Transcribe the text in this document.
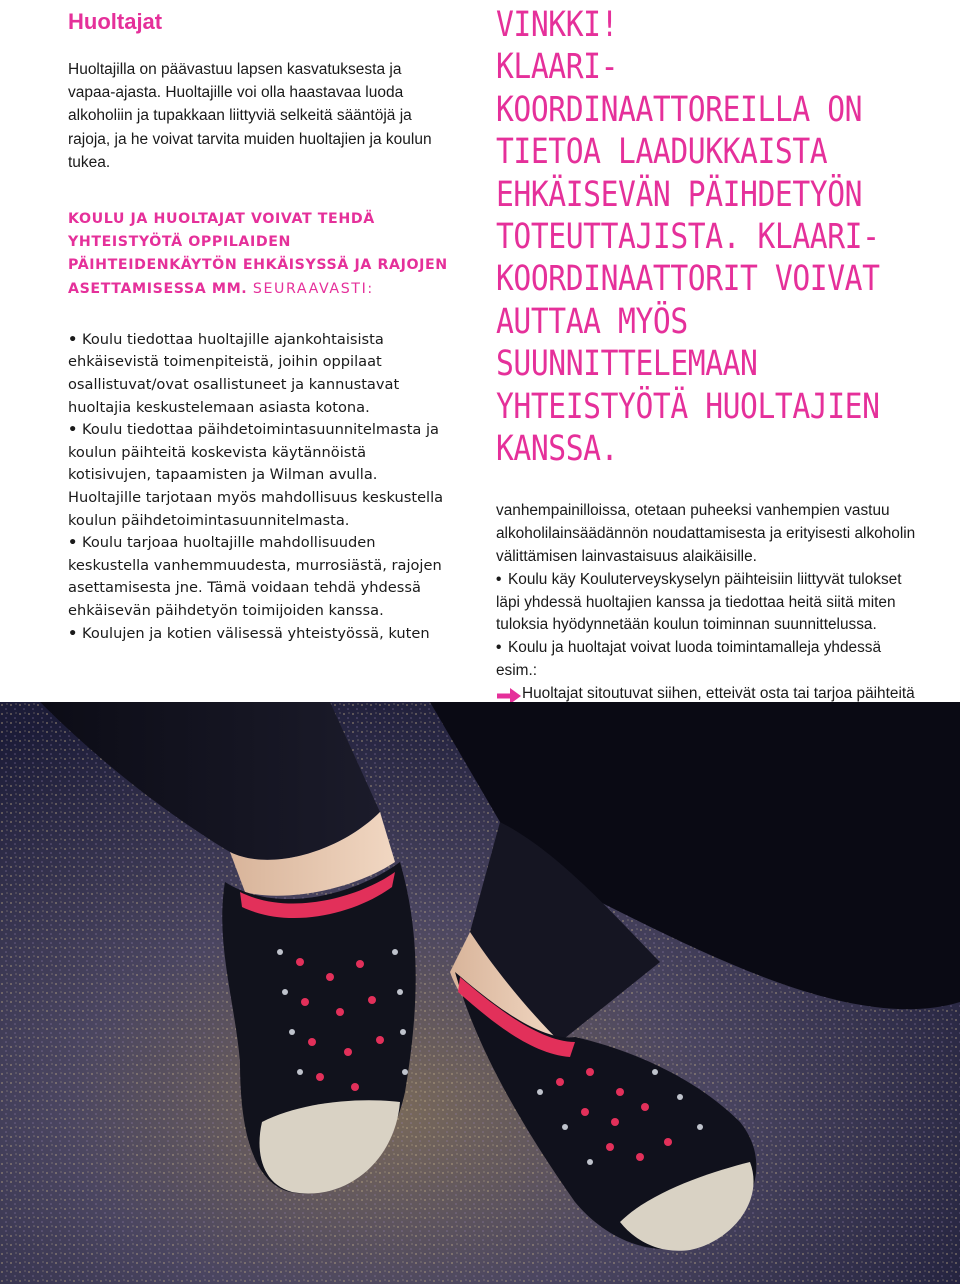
Huoltajat

Huoltajilla on päävastuu lapsen kasvatuksesta ja vapaa-ajasta. Huoltajille voi olla haastavaa luoda alkoholiin ja tupakkaan liittyviä selkeitä sääntöjä ja rajoja, ja he voivat tarvita muiden huoltajien ja koulun tukea.

KOULU JA HUOLTAJAT VOIVAT TEHDÄ YHTEISTYÖTÄ OPPILAIDEN PÄIHTEIDENKÄYTÖN EHKÄISYSSÄ JA RAJOJEN ASETTAMISESSA MM. SEURAAVASTI:
• Koulu tiedottaa huoltajille ajankohtaisista ehkäisevistä toimenpiteistä, joihin oppilaat osallistuvat/ovat osallistuneet ja kannustavat huoltajia keskustelemaan asiasta kotona.
• Koulu tiedottaa päihdetoimintasuunnitelmasta ja koulun päihteitä koskevista käytännöistä kotisivujen, tapaamisten ja Wilman avulla. Huoltajille tarjotaan myös mahdollisuus keskustella koulun päihdetoimintasuunnitelmasta.
• Koulu tarjoaa huoltajille mahdollisuuden keskustella vanhemmuudesta, murrosiästä, rajojen asettamisesta jne. Tämä voidaan tehdä yhdessä ehkäisevän päihdetyön toimijoiden kanssa.
• Koulujen ja kotien välisessä yhteistyössä, kuten
VINKKI!
KLAARI-KOORDINAATTOREILLA ON TIETOA LAADUKKAISTA EHKÄISEVÄN PÄIHDETYÖN TOTEUTTAJISTA. KLAARI-KOORDINAATTORIT VOIVAT AUTTAA MYÖS SUUNNITTELEMAAN YHTEISTYÖTÄ HUOLTAJIEN KANSSA.

vanhempainilloissa, otetaan puheeksi vanhempien vastuu alkoholilainsäädännön noudattamisesta ja erityisesti alkoholin välittämisen lainvastaisuus alaikäisille.

• Koulu käy Kouluterveyskyselyn päihteisiin liittyvät tulokset läpi yhdessä huoltajien kanssa ja tiedottaa heitä siitä miten tuloksia hyödynnetään koulun toiminnan suunnittelussa.

• Koulu ja huoltajat voivat luoda toimintamalleja yhdessä esim.:

Huoltajat sitoutuvat siihen, etteivät osta tai tarjoa päihteitä
